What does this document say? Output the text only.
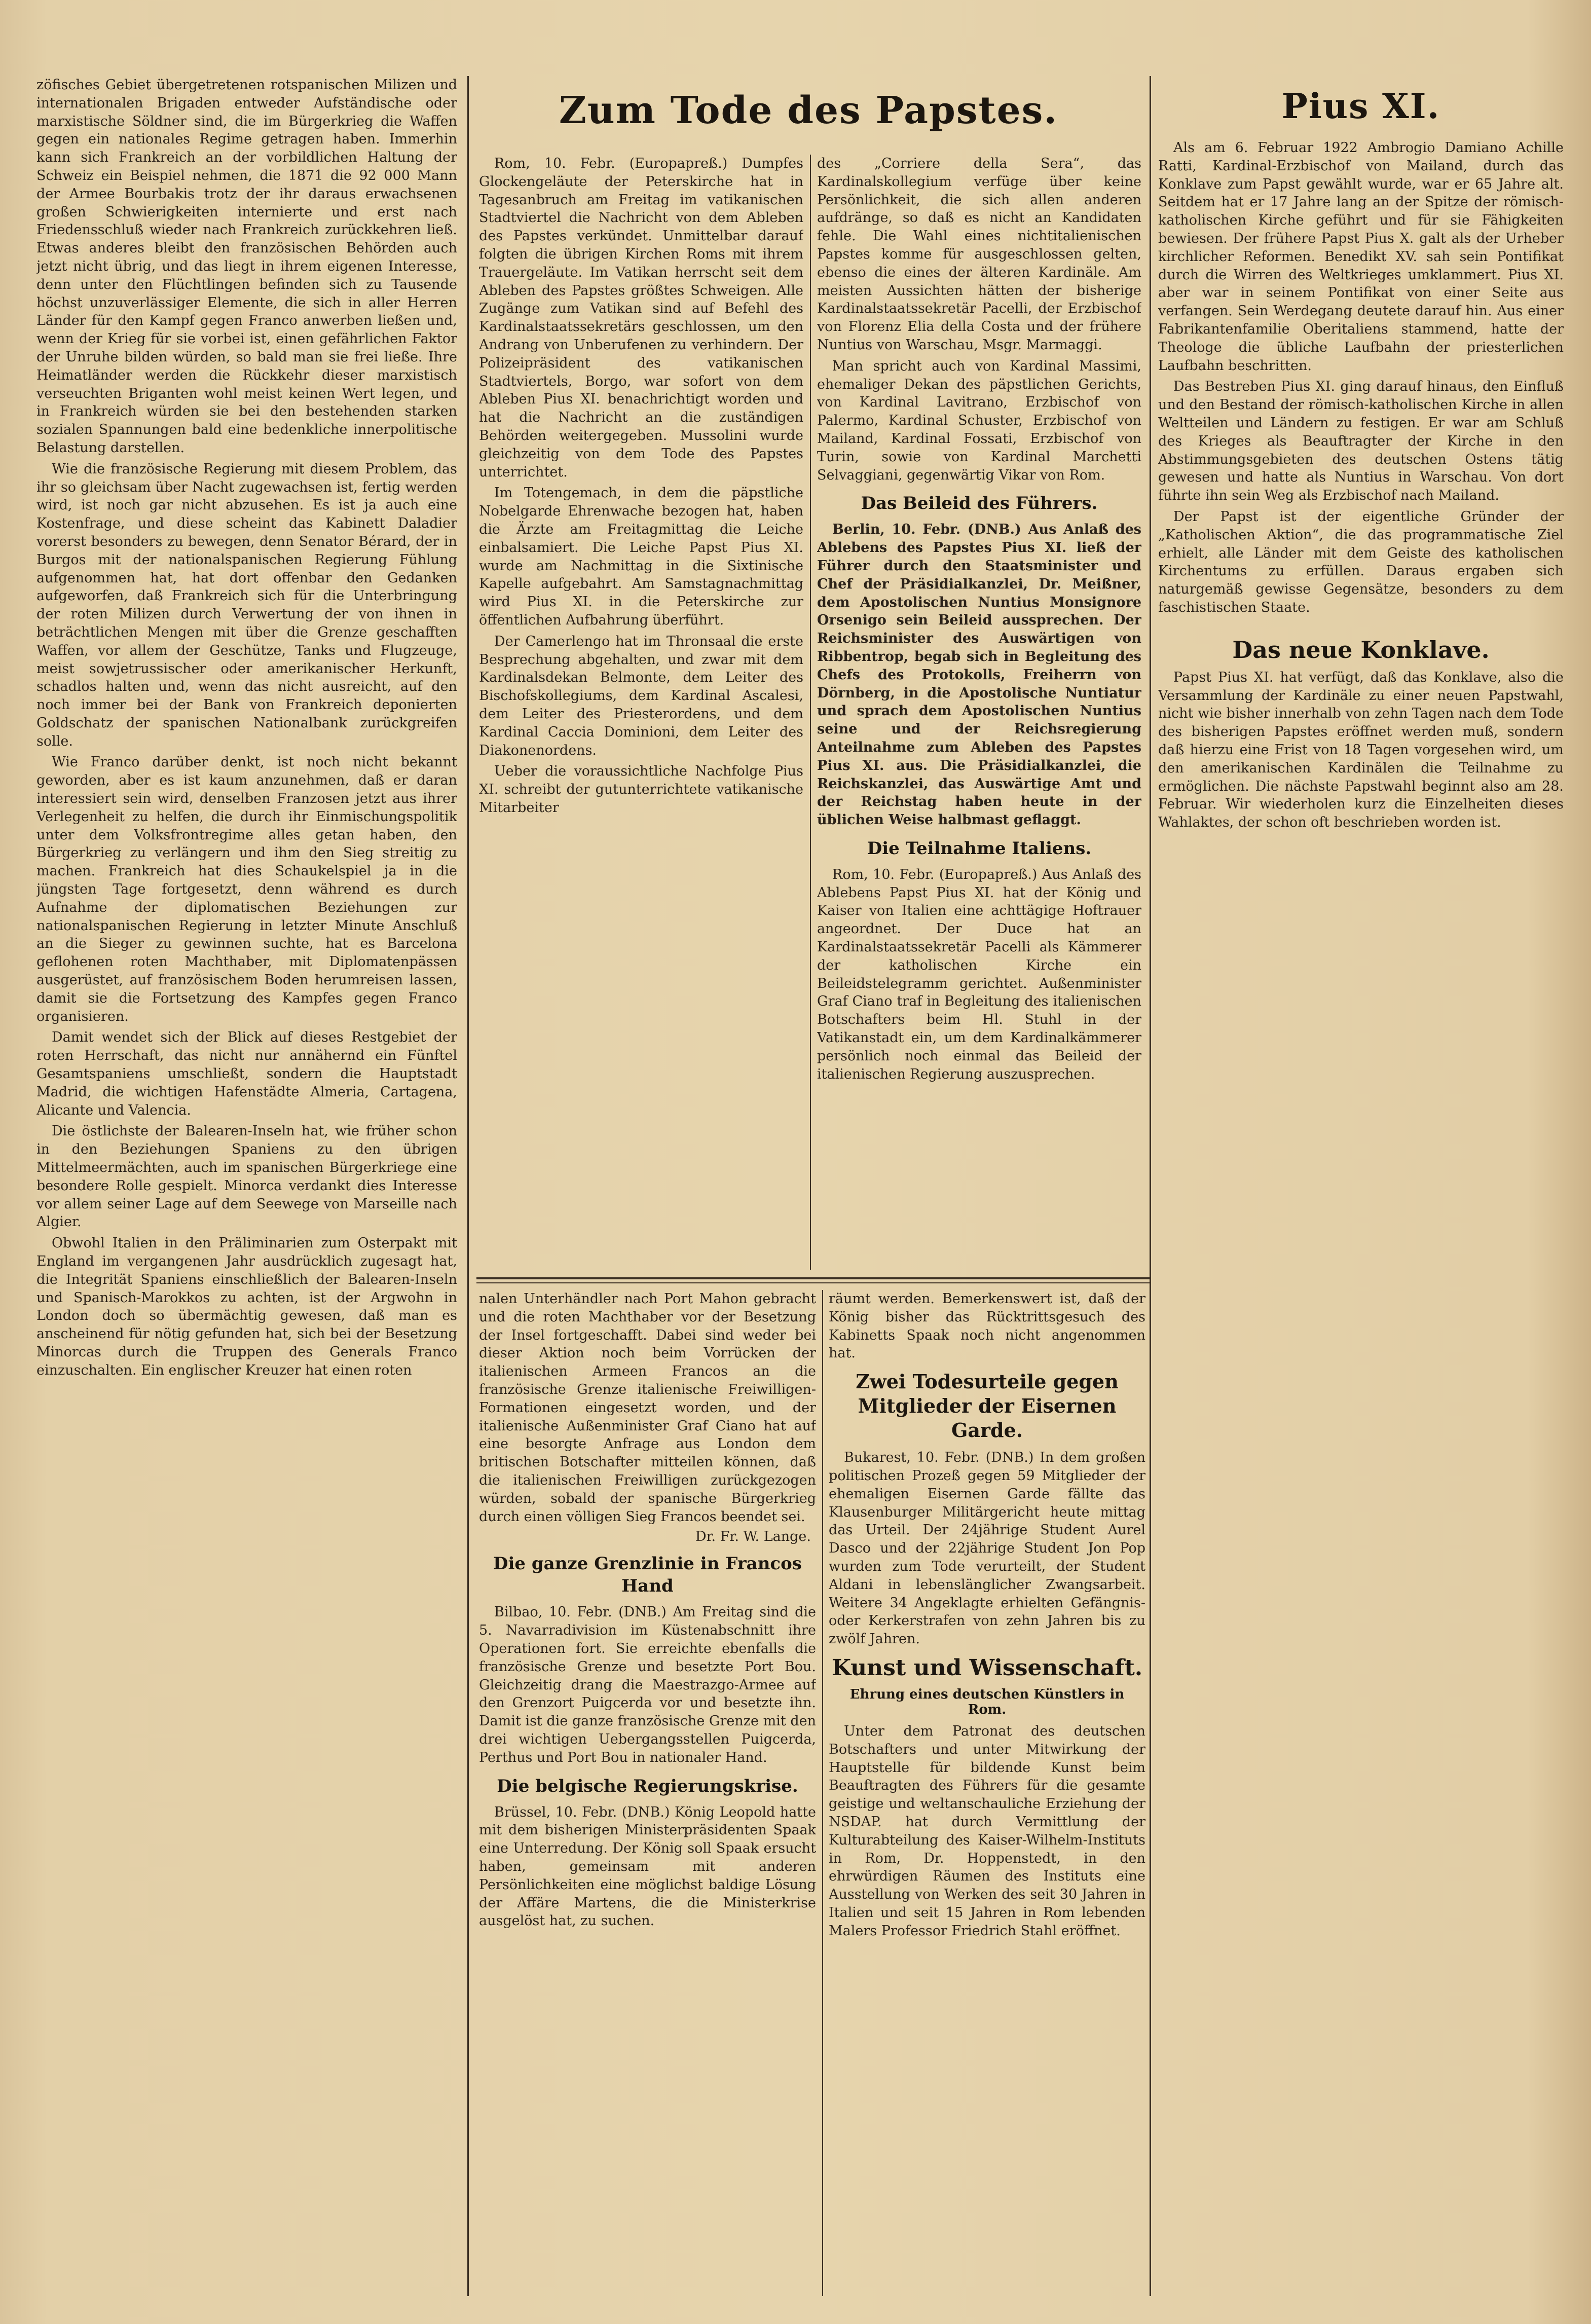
zöfisches Gebiet übergetretenen rotspanischen Milizen und internationalen Brigaden entweder Aufständische oder marxistische Söldner sind, die im Bürgerkrieg die Waffen gegen ein nationales Regime getragen haben. Immerhin kann sich Frankreich an der vorbildlichen Haltung der Schweiz ein Beispiel nehmen, die 1871 die 92 000 Mann der Armee Bourbakis trotz der ihr daraus erwachsenen großen Schwierigkeiten internierte und erst nach Friedensschluß wieder nach Frankreich zurückkehren ließ. Etwas anderes bleibt den französischen Behörden auch jetzt nicht übrig, und das liegt in ihrem eigenen Interesse, denn unter den Flüchtlingen befinden sich zu Tausende höchst unzuverlässiger Elemente, die sich in aller Herren Länder für den Kampf gegen Franco anwerben ließen und, wenn der Krieg für sie vorbei ist, einen gefährlichen Faktor der Unruhe bilden würden, so bald man sie frei ließe. Ihre Heimatländer werden die Rückkehr dieser marxistisch verseuchten Briganten wohl meist keinen Wert legen, und in Frankreich würden sie bei den bestehenden starken sozialen Spannungen bald eine bedenkliche innerpolitische Belastung darstellen.

Wie die französische Regierung mit diesem Problem, das ihr so gleichsam über Nacht zugewachsen ist, fertig werden wird, ist noch gar nicht abzusehen. Es ist ja auch eine Kostenfrage, und diese scheint das Kabinett Daladier vorerst besonders zu bewegen, denn Senator Bérard, der in Burgos mit der nationalspanischen Regierung Fühlung aufgenommen hat, hat dort offenbar den Gedanken aufgeworfen, daß Frankreich sich für die Unterbringung der roten Milizen durch Verwertung der von ihnen in beträchtlichen Mengen mit über die Grenze geschafften Waffen, vor allem der Geschütze, Tanks und Flugzeuge, meist sowjetrussischer oder amerikanischer Herkunft, schadlos halten und, wenn das nicht ausreicht, auf den noch immer bei der Bank von Frankreich deponierten Goldschatz der spanischen Nationalbank zurückgreifen solle.

Wie Franco darüber denkt, ist noch nicht bekannt geworden, aber es ist kaum anzunehmen, daß er daran interessiert sein wird, denselben Franzosen jetzt aus ihrer Verlegenheit zu helfen, die durch ihr Einmischungspolitik unter dem Volksfrontregime alles getan haben, den Bürgerkrieg zu verlängern und ihm den Sieg streitig zu machen. Frankreich hat dies Schaukelspiel ja in die jüngsten Tage fortgesetzt, denn während es durch Aufnahme der diplomatischen Beziehungen zur nationalspanischen Regierung in letzter Minute Anschluß an die Sieger zu gewinnen suchte, hat es Barcelona geflohenen roten Machthaber, mit Diplomatenpässen ausgerüstet, auf französischem Boden herumreisen lassen, damit sie die Fortsetzung des Kampfes gegen Franco organisieren.

Damit wendet sich der Blick auf dieses Restgebiet der roten Herrschaft, das nicht nur annähernd ein Fünftel Gesamtspaniens umschließt, sondern die Hauptstadt Madrid, die wichtigen Hafenstädte Almeria, Cartagena, Alicante und Valencia.

Die östlichste der Balearen-Inseln hat, wie früher schon in den Beziehungen Spaniens zu den übrigen Mittelmeermächten, auch im spanischen Bürgerkriege eine besondere Rolle gespielt. Minorca verdankt dies Interesse vor allem seiner Lage auf dem Seewege von Marseille nach Algier.

Obwohl Italien in den Präliminarien zum Osterpakt mit England im vergangenen Jahr ausdrücklich zugesagt hat, die Integrität Spaniens einschließlich der Balearen-Inseln und Spanisch-Marokkos zu achten, ist der Argwohn in London doch so übermächtig gewesen, daß man es anscheinend für nötig gefunden hat, sich bei der Besetzung Minorcas durch die Truppen des Generals Franco einzuschalten. Ein englischer Kreuzer hat einen roten

Zum Tode des Papstes.

Rom, 10. Febr. (Europapreß.) Dumpfes Glockengeläute der Peterskirche hat in Tagesanbruch am Freitag im vatikanischen Stadtviertel die Nachricht von dem Ableben des Papstes verkündet. Unmittelbar darauf folgten die übrigen Kirchen Roms mit ihrem Trauergeläute. Im Vatikan herrscht seit dem Ableben des Papstes größtes Schweigen. Alle Zugänge zum Vatikan sind auf Befehl des Kardinalstaatssekretärs geschlossen, um den Andrang von Unberufenen zu verhindern. Der Polizeipräsident des vatikanischen Stadtviertels, Borgo, war sofort von dem Ableben Pius XI. benachrichtigt worden und hat die Nachricht an die zuständigen Behörden weitergegeben. Mussolini wurde gleichzeitig von dem Tode des Papstes unterrichtet.

Im Totengemach, in dem die päpstliche Nobelgarde Ehrenwache bezogen hat, haben die Ärzte am Freitagmittag die Leiche einbalsamiert. Die Leiche Papst Pius XI. wurde am Nachmittag in die Sixtinische Kapelle aufgebahrt. Am Samstagnachmittag wird Pius XI. in die Peterskirche zur öffentlichen Aufbahrung überführt.

Der Camerlengo hat im Thronsaal die erste Besprechung abgehalten, und zwar mit dem Kardinalsdekan Belmonte, dem Leiter des Bischofskollegiums, dem Kardinal Ascalesi, dem Leiter des Priesterordens, und dem Kardinal Caccia Dominioni, dem Leiter des Diakonenordens.

Ueber die voraussichtliche Nachfolge Pius XI. schreibt der gutunterrichtete vatikanische Mitarbeiter

des „Corriere della Sera“, das Kardinalskollegium verfüge über keine Persönlichkeit, die sich allen anderen aufdränge, so daß es nicht an Kandidaten fehle. Die Wahl eines nichtitalienischen Papstes komme für ausgeschlossen gelten, ebenso die eines der älteren Kardinäle. Am meisten Aussichten hätten der bisherige Kardinalstaatssekretär Pacelli, der Erzbischof von Florenz Elia della Costa und der frühere Nuntius von Warschau, Msgr. Marmaggi.

Man spricht auch von Kardinal Massimi, ehemaliger Dekan des päpstlichen Gerichts, von Kardinal Lavitrano, Erzbischof von Palermo, Kardinal Schuster, Erzbischof von Mailand, Kardinal Fossati, Erzbischof von Turin, sowie von Kardinal Marchetti Selvaggiani, gegenwärtig Vikar von Rom.

Das Beileid des Führers.

Berlin, 10. Febr. (DNB.) Aus Anlaß des Ablebens des Papstes Pius XI. ließ der Führer durch den Staatsminister und Chef der Präsidialkanzlei, Dr. Meißner, dem Apostolischen Nuntius Monsignore Orsenigo sein Beileid aussprechen. Der Reichsminister des Auswärtigen von Ribbentrop, begab sich in Begleitung des Chefs des Protokolls, Freiherrn von Dörnberg, in die Apostolische Nuntiatur und sprach dem Apostolischen Nuntius seine und der Reichsregierung Anteilnahme zum Ableben des Papstes Pius XI. aus. Die Präsidialkanzlei, die Reichskanzlei, das Auswärtige Amt und der Reichstag haben heute in der üblichen Weise halbmast geflaggt.

Die Teilnahme Italiens.

Rom, 10. Febr. (Europapreß.) Aus Anlaß des Ablebens Papst Pius XI. hat der König und Kaiser von Italien eine achttägige Hoftrauer angeordnet. Der Duce hat an Kardinalstaatssekretär Pacelli als Kämmerer der katholischen Kirche ein Beileidstelegramm gerichtet. Außenminister Graf Ciano traf in Begleitung des italienischen Botschafters beim Hl. Stuhl in der Vatikanstadt ein, um dem Kardinalkämmerer persönlich noch einmal das Beileid der italienischen Regierung auszusprechen.

Pius XI.

Als am 6. Februar 1922 Ambrogio Damiano Achille Ratti, Kardinal-Erzbischof von Mailand, durch das Konklave zum Papst gewählt wurde, war er 65 Jahre alt. Seitdem hat er 17 Jahre lang an der Spitze der römisch-katholischen Kirche geführt und für sie Fähigkeiten bewiesen. Der frühere Papst Pius X. galt als der Urheber kirchlicher Reformen. Benedikt XV. sah sein Pontifikat durch die Wirren des Weltkrieges umklammert. Pius XI. aber war in seinem Pontifikat von einer Seite aus verfangen. Sein Werdegang deutete darauf hin. Aus einer Fabrikantenfamilie Oberitaliens stammend, hatte der Theologe die übliche Laufbahn der priesterlichen Laufbahn beschritten.

Das Bestreben Pius XI. ging darauf hinaus, den Einfluß und den Bestand der römisch-katholischen Kirche in allen Weltteilen und Ländern zu festigen. Er war am Schluß des Krieges als Beauftragter der Kirche in den Abstimmungsgebieten des deutschen Ostens tätig gewesen und hatte als Nuntius in Warschau. Von dort führte ihn sein Weg als Erzbischof nach Mailand.

Der Papst ist der eigentliche Gründer der „Katholischen Aktion“, die das programmatische Ziel erhielt, alle Länder mit dem Geiste des katholischen Kirchentums zu erfüllen. Daraus ergaben sich naturgemäß gewisse Gegensätze, besonders zu dem faschistischen Staate.

Das neue Konklave.

Papst Pius XI. hat verfügt, daß das Konklave, also die Versammlung der Kardinäle zu einer neuen Papstwahl, nicht wie bisher innerhalb von zehn Tagen nach dem Tode des bisherigen Papstes eröffnet werden muß, sondern daß hierzu eine Frist von 18 Tagen vorgesehen wird, um den amerikanischen Kardinälen die Teilnahme zu ermöglichen. Die nächste Papstwahl beginnt also am 28. Februar. Wir wiederholen kurz die Einzelheiten dieses Wahlaktes, der schon oft beschrieben worden ist.

nalen Unterhändler nach Port Mahon gebracht und die roten Machthaber vor der Besetzung der Insel fortgeschafft. Dabei sind weder bei dieser Aktion noch beim Vorrücken der italienischen Armeen Francos an die französische Grenze italienische Freiwilligen-Formationen eingesetzt worden, und der italienische Außenminister Graf Ciano hat auf eine besorgte Anfrage aus London dem britischen Botschafter mitteilen können, daß die italienischen Freiwilligen zurückgezogen würden, sobald der spanische Bürgerkrieg durch einen völligen Sieg Francos beendet sei.

Dr. Fr. W. Lange.
Die ganze Grenzlinie in Francos Hand

Bilbao, 10. Febr. (DNB.) Am Freitag sind die 5. Navarradivision im Küstenabschnitt ihre Operationen fort. Sie erreichte ebenfalls die französische Grenze und besetzte Port Bou. Gleichzeitig drang die Maestrazgo-Armee auf den Grenzort Puigcerda vor und besetzte ihn. Damit ist die ganze französische Grenze mit den drei wichtigen Uebergangsstellen Puigcerda, Perthus und Port Bou in nationaler Hand.

Die belgische Regierungskrise.

Brüssel, 10. Febr. (DNB.) König Leopold hatte mit dem bisherigen Ministerpräsidenten Spaak eine Unterredung. Der König soll Spaak ersucht haben, gemeinsam mit anderen Persönlichkeiten eine möglichst baldige Lösung der Affäre Martens, die die Ministerkrise ausgelöst hat, zu suchen.

räumt werden. Bemerkenswert ist, daß der König bisher das Rücktrittsgesuch des Kabinetts Spaak noch nicht angenommen hat.

Zwei Todesurteile gegen Mitglieder der Eisernen Garde.

Bukarest, 10. Febr. (DNB.) In dem großen politischen Prozeß gegen 59 Mitglieder der ehemaligen Eisernen Garde fällte das Klausenburger Militärgericht heute mittag das Urteil. Der 24jährige Student Aurel Dasco und der 22jährige Student Jon Pop wurden zum Tode verurteilt, der Student Aldani in lebenslänglicher Zwangsarbeit. Weitere 34 Angeklagte erhielten Gefängnis- oder Kerkerstrafen von zehn Jahren bis zu zwölf Jahren.

Kunst und Wissenschaft.
Ehrung eines deutschen Künstlers in Rom.

Unter dem Patronat des deutschen Botschafters und unter Mitwirkung der Hauptstelle für bildende Kunst beim Beauftragten des Führers für die gesamte geistige und weltanschauliche Erziehung der NSDAP. hat durch Vermittlung der Kulturabteilung des Kaiser-Wilhelm-Instituts in Rom, Dr. Hoppenstedt, in den ehrwürdigen Räumen des Instituts eine Ausstellung von Werken des seit 30 Jahren in Italien und seit 15 Jahren in Rom lebenden Malers Professor Friedrich Stahl eröffnet.
